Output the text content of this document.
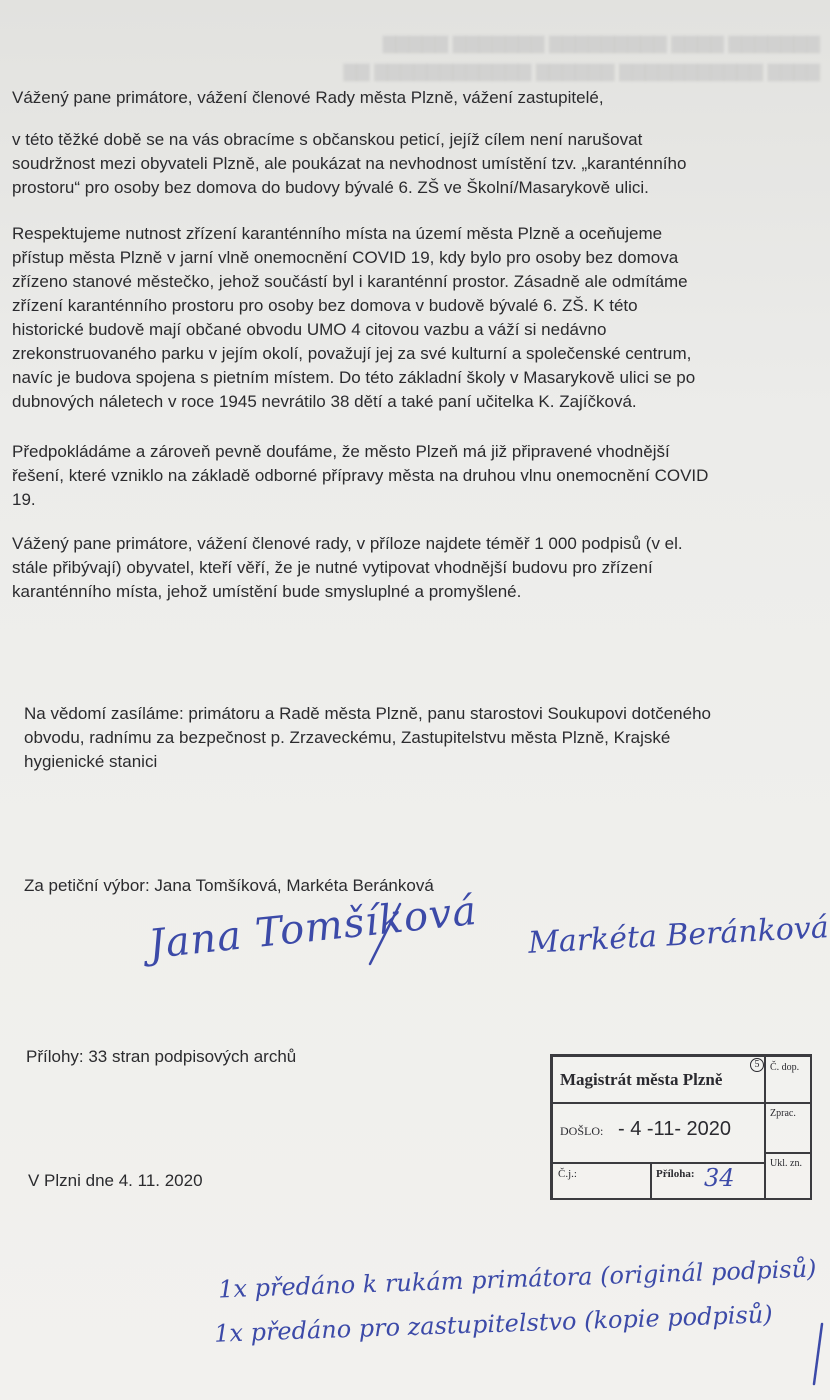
▇▇▇▇▇▇▇ ▇▇▇▇ ▇▇▇▇▇▇▇▇▇ ▇▇▇▇▇▇▇ ▇▇▇▇▇
▇▇▇▇ ▇▇▇▇▇▇▇▇▇▇▇ ▇▇▇▇▇▇ ▇▇▇▇▇▇▇▇▇▇▇▇ ▇▇

Vážený pane primátore, vážení členové Rady města Plzně, vážení zastupitelé,

v této těžké době se na vás obracíme s občanskou peticí, jejíž cílem není narušovat
soudržnost mezi obyvateli Plzně, ale poukázat na nevhodnost umístění tzv. „karanténního
prostoru“ pro osoby bez domova do budovy bývalé 6. ZŠ ve Školní/Masarykově ulici.

Respektujeme nutnost zřízení karanténního místa na území města Plzně a oceňujeme
přístup města Plzně v jarní vlně onemocnění COVID 19, kdy bylo pro osoby bez domova
zřízeno stanové městečko, jehož součástí byl i karanténní prostor. Zásadně ale odmítáme
zřízení karanténního prostoru pro osoby bez domova v budově bývalé 6. ZŠ. K této
historické budově mají občané obvodu UMO 4 citovou vazbu a váží si nedávno
zrekonstruovaného parku v jejím okolí, považují jej za své kulturní a společenské centrum,
navíc je budova spojena s pietním místem. Do této základní školy v Masarykově ulici se po
dubnových náletech v roce 1945 nevrátilo 38 dětí a také paní učitelka K. Zajíčková.

Předpokládáme a zároveň pevně doufáme, že město Plzeň má již připravené vhodnější
řešení, které vzniklo na základě odborné přípravy města na druhou vlnu onemocnění COVID
19.

Vážený pane primátore, vážení členové rady, v příloze najdete téměř 1 000 podpisů (v el.
stále přibývají) obyvatel, kteří věří, že je nutné vytipovat vhodnější budovu pro zřízení
karanténního místa, jehož umístění bude smysluplné a promyšlené.

Na vědomí zasíláme: primátoru a Radě města Plzně, panu starostovi Soukupovi dotčeného
obvodu, radnímu za bezpečnost p. Zrzaveckému, Zastupitelstvu města Plzně, Krajské
hygienické stanici

Za petiční výbor: Jana Tomšíková, Markéta Beránková

Jana Tomšíková Markéta Beránková

Přílohy: 33 stran podpisových archů

V Plzni dne 4. 11. 2020

Magistrát města Plzně
5	Č. dop.
DOŠLO: - 4 -11- 2020
Zprac.
Č.j.:	Příloha: 34
Ukl. zn.
1x předáno k rukám primátora (originál podpisů)
1x předáno pro zastupitelstvo (kopie podpisů)
